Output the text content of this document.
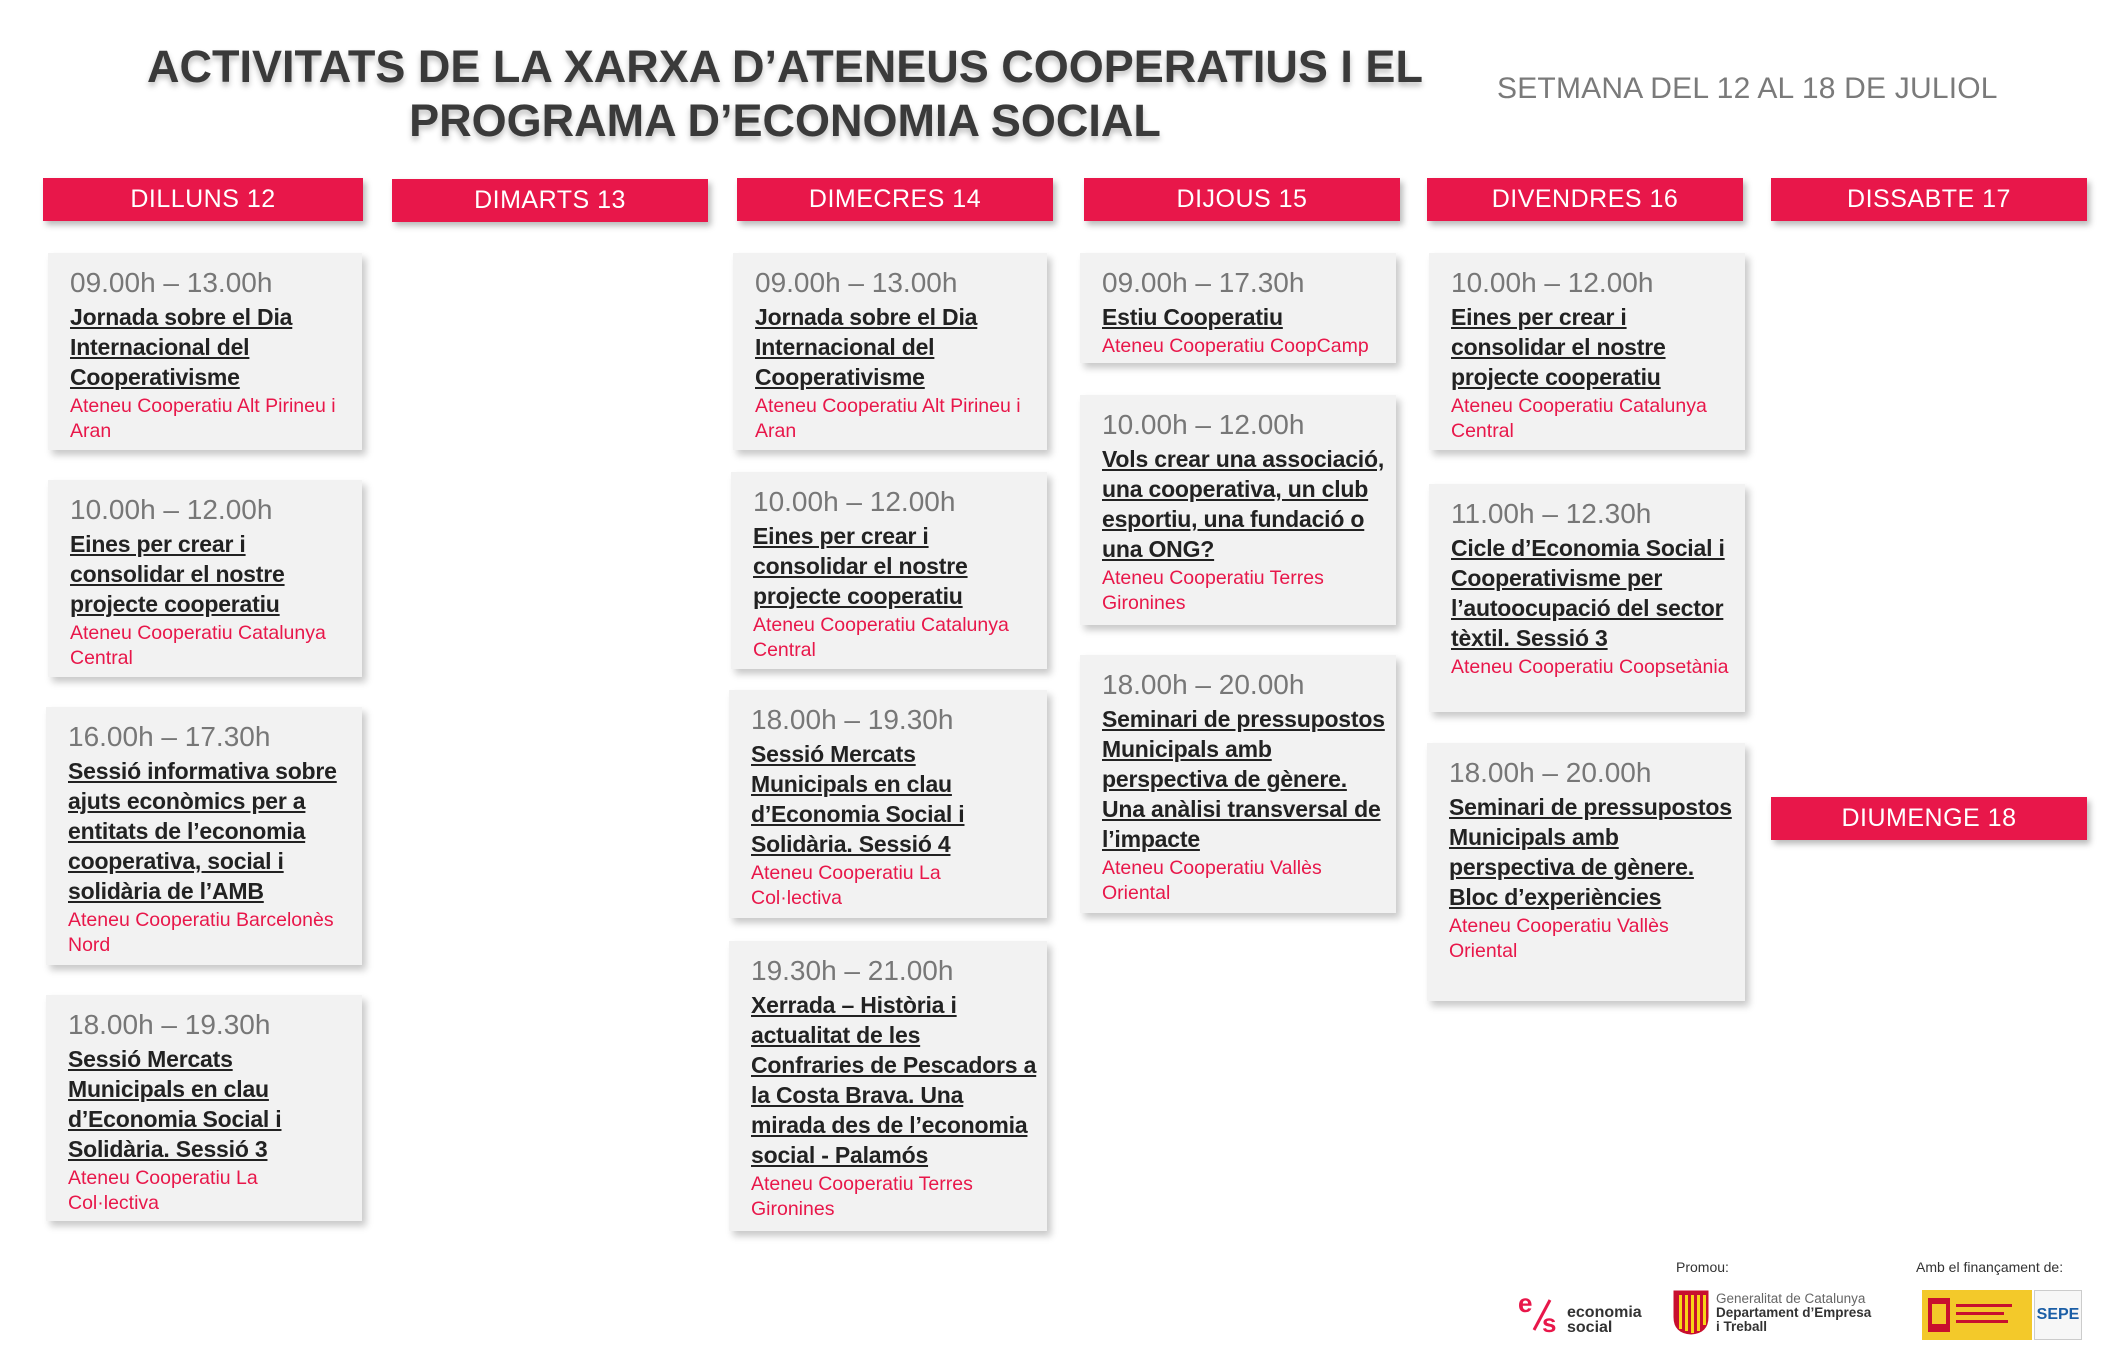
ACTIVITATS DE LA XARXA D’ATENEUS COOPERATIUS I EL
PROGRAMA D’ECONOMIA SOCIAL
SETMANA DEL 12 AL 18 DE JULIOL
DILLUNS 12	DIMARTS 13	DIMECRES 14	DIJOUS 15	DIVENDRES 16	DISSABTE 17
DIUMENGE 18
09.00h – 13.00h
Jornada sobre el Dia Internacional del Cooperativisme
Ateneu Cooperatiu Alt Pirineu i Aran
10.00h – 12.00h
Eines per crear i consolidar el nostre projecte cooperatiu
Ateneu Cooperatiu Catalunya Central
16.00h – 17.30h
Sessió informativa sobre ajuts econòmics per a entitats de l’economia cooperativa, social i solidària de l’AMB
Ateneu Cooperatiu Barcelonès Nord
18.00h – 19.30h
Sessió Mercats Municipals en clau d’Economia Social i Solidària. Sessió 3
Ateneu Cooperatiu La Col·lectiva
09.00h – 13.00h
Jornada sobre el Dia Internacional del Cooperativisme
Ateneu Cooperatiu Alt Pirineu i Aran
10.00h – 12.00h
Eines per crear i consolidar el nostre projecte cooperatiu
Ateneu Cooperatiu Catalunya Central
18.00h – 19.30h
Sessió Mercats Municipals en clau d’Economia Social i Solidària. Sessió 4
Ateneu Cooperatiu La Col·lectiva
19.30h – 21.00h
Xerrada – Història i actualitat de les Confraries de Pescadors a la Costa Brava. Una mirada des de l’economia social - Palamós
Ateneu Cooperatiu Terres Gironines
09.00h – 17.30h
Estiu Cooperatiu
Ateneu Cooperatiu CoopCamp
10.00h – 12.00h
Vols crear una associació, una cooperativa, un club esportiu, una fundació o una ONG?
Ateneu Cooperatiu Terres Gironines
18.00h – 20.00h
Seminari de pressupostos Municipals amb perspectiva de gènere. Una anàlisi transversal de l’impacte
Ateneu Cooperatiu Vallès Oriental
10.00h – 12.00h
Eines per crear i consolidar el nostre projecte cooperatiu
Ateneu Cooperatiu Catalunya Central
11.00h – 12.30h
Cicle d’Economia Social i Cooperativisme per l’autoocupació del sector tèxtil. Sessió 3
Ateneu Cooperatiu Coopsetània
18.00h – 20.00h
Seminari de pressupostos Municipals amb perspectiva de gènere. Bloc d’experiències
Ateneu Cooperatiu Vallès Oriental
Promou:	Amb el finançament de:
e
s economia
social
Generalitat de Catalunya
Departament d’Empresa
i Treball
SEPE
